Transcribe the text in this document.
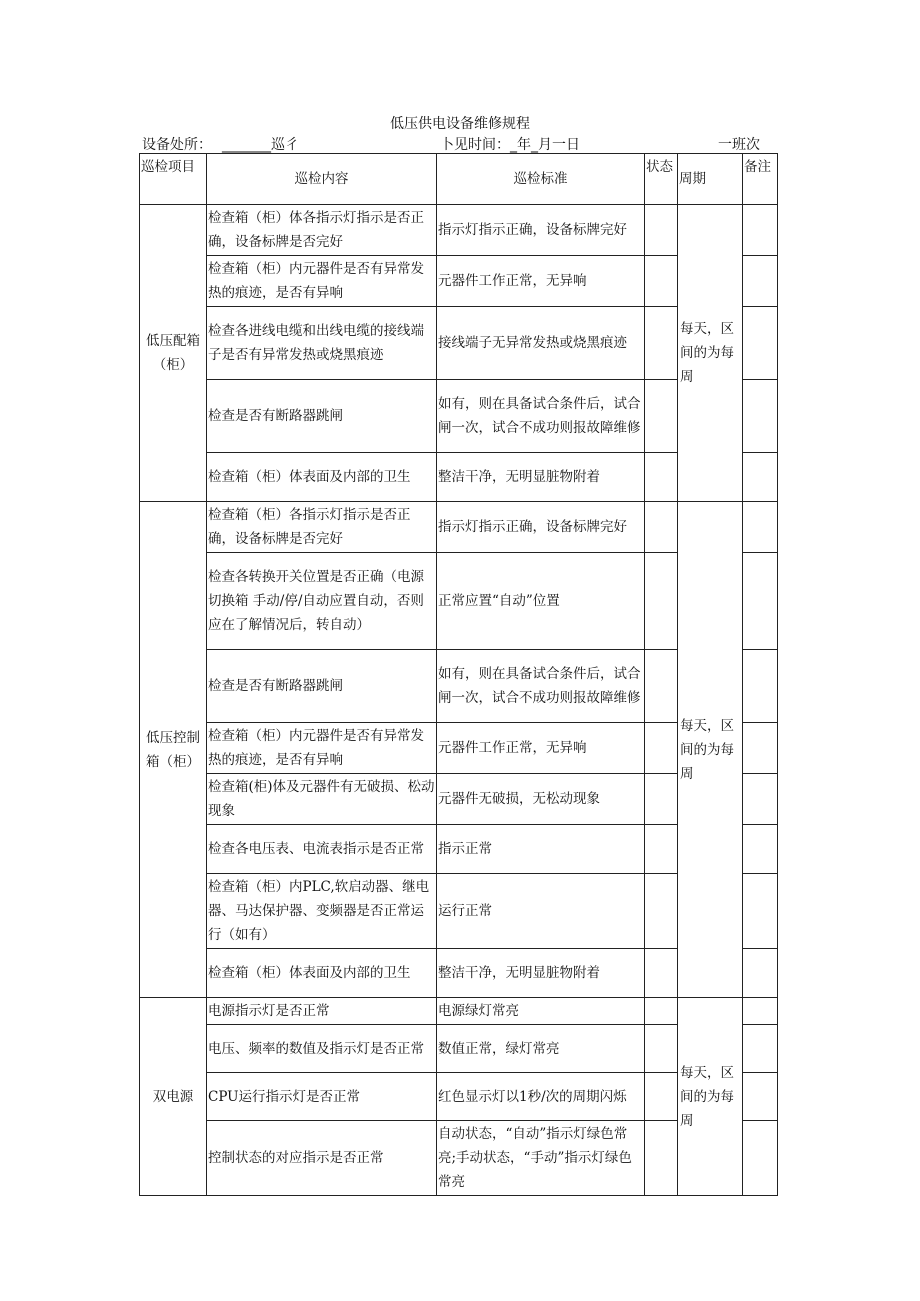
低压供电设备维修规程
设备处所： _______巡彳	卜见时间：_年_月一日	一班次
巡检项目	巡检内容	巡检标准	状态	周期	备注
低压配箱（柜）	检查箱（柜）体各指示灯指示是否正确，设备标牌是否完好	指示灯指示正确，设备标牌完好		每天，区间的为每周	
	检查箱（柜）内元器件是否有异常发热的痕迹，是否有异响	元器件工作正常，无异响			
	检查各进线电缆和出线电缆的接线端子是否有异常发热或烧黑痕迹	接线端子无异常发热或烧黑痕迹			
	检查是否有断路器跳闸	如有，则在具备试合条件后，试合闸一次，试合不成功则报故障维修			
	检查箱（柜）体表面及内部的卫生	整洁干净，无明显脏物附着			
低压控制箱（柜）	检查箱（柜）各指示灯指示是否正确，设备标牌是否完好	指示灯指示正确，设备标牌完好		每天，区间的为每周	
	检查各转换开关位置是否正确（电源切换箱 手动/停/自动应置自动，否则应在了解情况后，转自动）	正常应置“自动”位置			
	检查是否有断路器跳闸	如有，则在具备试合条件后，试合闸一次，试合不成功则报故障维修			
	检查箱（柜）内元器件是否有异常发热的痕迹，是否有异响	元器件工作正常，无异响			
	检查箱(柜)体及元器件有无破损、松动现象	元器件无破损，无松动现象			
	检查各电压表、电流表指示是否正常	指示正常			
	检查箱（柜）内PLC,软启动器、继电器、马达保护器、变频器是否正常运行（如有）	运行正常			
	检查箱（柜）体表面及内部的卫生	整洁干净，无明显脏物附着			
双电源	电源指示灯是否正常	电源绿灯常亮		每天，区间的为每周	
	电压、频率的数值及指示灯是否正常	数值正常，绿灯常亮			
	CPU运行指示灯是否正常	红色显示灯以1秒/次的周期闪烁			
	控制状态的对应指示是否正常	自动状态，“自动”指示灯绿色常亮;手动状态，“手动”指示灯绿色常亮			
